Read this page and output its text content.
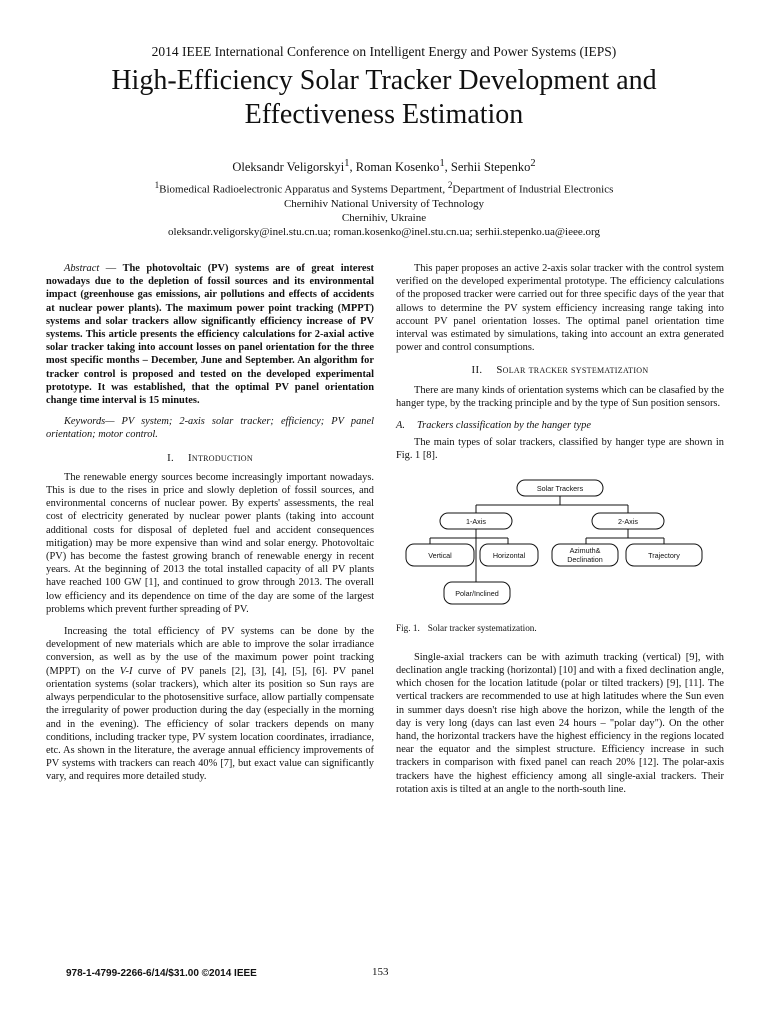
2014 IEEE International Conference on Intelligent Energy and Power Systems (IEPS)
High-Efficiency Solar Tracker Development and
Effectiveness Estimation
Oleksandr Veligorskyi$^1$, Roman Kosenko$^1$, Serhii Stepenko$^2$
$^1$Biomedical Radioelectronic Apparatus and Systems Department, $^2$Department of Industrial Electronics
Chernihiv National University of Technology
Chernihiv, Ukraine
oleksandr.veligorsky@inel.stu.cn.ua; roman.kosenko@inel.stu.cn.ua; serhii.stepenko.ua@ieee.org

Abstract — The photovoltaic (PV) systems are of great interest nowadays due to the depletion of fossil sources and its environmental impact (greenhouse gas emissions, air pollutions and effects of accidents at nuclear power plants). The maximum power point tracking (MPPT) systems and solar trackers allow significantly efficiency increase of PV systems. This article presents the efficiency calculations for 2-axial active solar tracker taking into account losses on panel orientation for the three most specific months – December, June and September. An algorithm for tracker control is proposed and tested on the developed experimental prototype. It was established, that the optimal PV panel orientation change time interval is 15 minutes.

Keywords— PV system; 2-axis solar tracker; efficiency; PV panel orientation; motor control.

I. Introduction

The renewable energy sources become increasingly important nowadays. This is due to the rises in price and slowly depletion of fossil sources, and environmental concerns of nuclear power. By experts' assessments, the real cost of electricity generated by nuclear power plants (taking into account additional costs for disposal of depleted fuel and accident consequences mitigation) may be more expensive than wind and solar energy. Photovoltaic (PV) has become the fastest growing branch of renewable energy in recent years. At the beginning of 2013 the total installed capacity of all PV plants have reached 100 GW [1], and continued to grow through 2013. The overall low efficiency and its dependence on time of the day are some of the largest problems which prevent further spreading of PV.

Increasing the total efficiency of PV systems can be done by the development of new materials which are able to improve the solar irradiance conversion, as well as by the use of the maximum power point tracking (MPPT) on the V-I curve of PV panels [2], [3], [4], [5], [6]. PV panel orientation systems (solar trackers), which alter its position so Sun rays are always perpendicular to the photosensitive surface, allow partially compensate the irregularity of power production during the day (especially in the morning and in the evening). The efficiency of solar trackers depends on many conditions, including tracker type, PV system location coordinates, irradiance, etc. As shown in the literature, the average annual efficiency improvements of PV systems with trackers can reach 40% [7], but exact value can significantly vary, and requires more detailed study.

This paper proposes an active 2-axis solar tracker with the control system verified on the developed experimental prototype. The efficiency calculations of the proposed tracker were carried out for three specific days of the year that allows to determine the PV system efficiency increasing range taking into account PV panel orientation losses. The optimal panel orientation time interval was estimated by simulations, taking into account an extra generated power and control consumptions.

II. Solar tracker systematization

There are many kinds of orientation systems which can be clasafied by the hanger type, by the tracking principle and by the type of Sun position sensors.

A. Trackers classification by the hanger type

The main types of solar trackers, classified by hanger type are shown in Fig. 1 [8].

Solar Trackers
1-Axis	2-Axis
Vertical	Horizontal
Azimuth&
Declination	Trajectory
Polar/Inclined
Fig. 1. Solar tracker systematization.

Single-axial trackers can be with azimuth tracking (vertical) [9], with declination angle tracking (horizontal) [10] and with a fixed declination angle, which chosen for the location latitude (polar or tilted trackers) [9], [11]. The vertical trackers are recommended to use at high latitudes where the Sun even in summer days doesn't rise high above the horizon, while the length of the day is very long (days can last even 24 hours – "polar day"). On the other hand, the horizontal trackers have the highest efficiency in the regions located near the equator and the simplest structure. Efficiency increase in such trackers in comparison with fixed panel can reach 20% [12]. The polar-axis trackers have the highest efficiency among all single-axial trackers. Their rotation axis is tilted at an angle to the north-south line.

978-1-4799-2266-6/14/$31.00 ©2014 IEEE	153
